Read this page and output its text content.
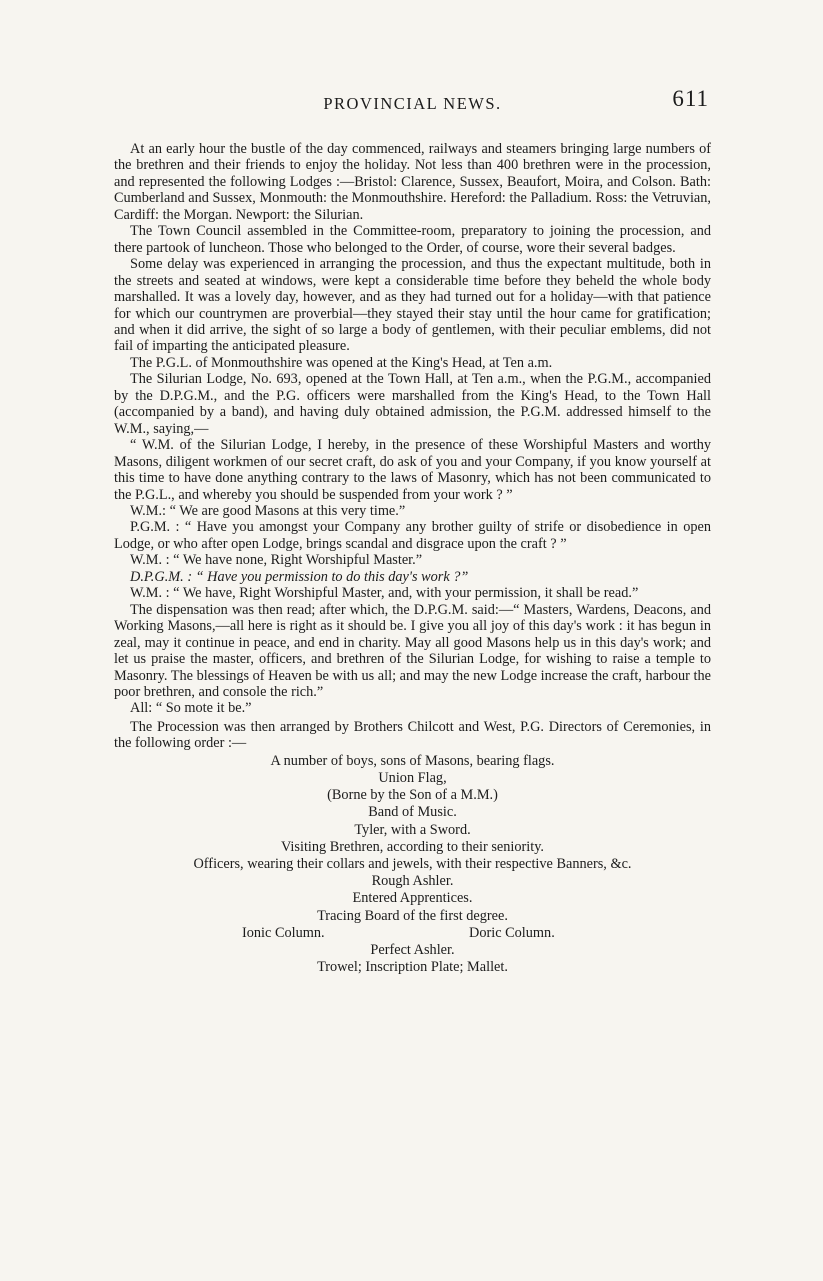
PROVINCIAL NEWS.	611

At an early hour the bustle of the day commenced, railways and steamers bringing large numbers of the brethren and their friends to enjoy the holiday. Not less than 400 brethren were in the procession, and represented the following Lodges :—Bristol: Clarence, Sussex, Beaufort, Moira, and Colson. Bath: Cumberland and Sussex, Monmouth: the Monmouthshire. Hereford: the Palladium. Ross: the Vetruvian, Cardiff: the Morgan. Newport: the Silurian.

The Town Council assembled in the Committee-room, preparatory to joining the procession, and there partook of luncheon. Those who belonged to the Order, of course, wore their several badges.

Some delay was experienced in arranging the procession, and thus the expectant multitude, both in the streets and seated at windows, were kept a considerable time before they beheld the whole body marshalled. It was a lovely day, however, and as they had turned out for a holiday—with that patience for which our countrymen are proverbial—they stayed their stay until the hour came for gratification; and when it did arrive, the sight of so large a body of gentlemen, with their peculiar emblems, did not fail of imparting the anticipated pleasure.

The P.G.L. of Monmouthshire was opened at the King's Head, at Ten a.m.

The Silurian Lodge, No. 693, opened at the Town Hall, at Ten a.m., when the P.G.M., accompanied by the D.P.G.M., and the P.G. officers were marshalled from the King's Head, to the Town Hall (accompanied by a band), and having duly obtained admission, the P.G.M. addressed himself to the W.M., saying,—

“ W.M. of the Silurian Lodge, I hereby, in the presence of these Worshipful Masters and worthy Masons, diligent workmen of our secret craft, do ask of you and your Company, if you know yourself at this time to have done anything contrary to the laws of Masonry, which has not been communicated to the P.G.L., and whereby you should be suspended from your work ? ”

W.M.: “ We are good Masons at this very time.”

P.G.M. : “ Have you amongst your Company any brother guilty of strife or disobedience in open Lodge, or who after open Lodge, brings scandal and disgrace upon the craft ? ”

W.M. : “ We have none, Right Worshipful Master.”

D.P.G.M. : “ Have you permission to do this day's work ?”

W.M. : “ We have, Right Worshipful Master, and, with your permission, it shall be read.”

The dispensation was then read; after which, the D.P.G.M. said:—“ Masters, Wardens, Deacons, and Working Masons,—all here is right as it should be. I give you all joy of this day's work : it has begun in zeal, may it continue in peace, and end in charity. May all good Masons help us in this day's work; and let us praise the master, officers, and brethren of the Silurian Lodge, for wishing to raise a temple to Masonry. The blessings of Heaven be with us all; and may the new Lodge increase the craft, harbour the poor brethren, and console the rich.”

All: “ So mote it be.”

The Procession was then arranged by Brothers Chilcott and West, P.G. Directors of Ceremonies, in the following order :—

A number of boys, sons of Masons, bearing flags.
Union Flag,
(Borne by the Son of a M.M.)
Band of Music.
Tyler, with a Sword.
Visiting Brethren, according to their seniority.
Officers, wearing their collars and jewels, with their respective Banners, &c.
Rough Ashler.
Entered Apprentices.
Tracing Board of the first degree.
Ionic Column.	Doric Column.
Perfect Ashler.
Trowel; Inscription Plate; Mallet.
